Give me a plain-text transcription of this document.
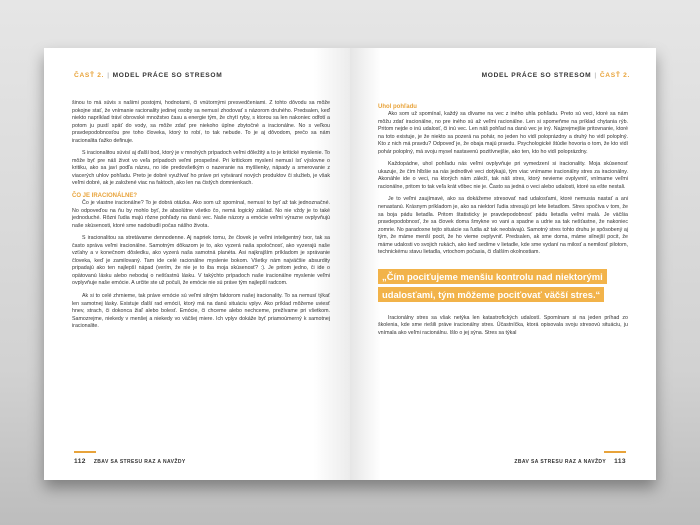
ČASŤ 2. | MODEL PRÁCE SO STRESOM

šinou to má súvis s našimi postojmi, hodnotami, či vnútornými presvedčeniami. Z tohto dôvodu sa môže pokojne stať, že vnímanie racionality jedinej osoby sa nemusí zhodovať s názorom druhého. Predsalen, keď niekto napríklad tráví obrovské množstvo času a energie tým, že chytí ryby, s ktorou sa len nakoniec odfotí a potom ju pustí späť do vody, sa môže zdať pre niekoho úplne zbytočné a iracionálne. No s veľkou pravdepodobnosťou pre toho človeka, ktorý to robí, to tak nebude. To je aj dôvodom, prečo sa nám iracionalita ťažko definuje.

S iracionalitou súvisí aj ďalší bod, ktorý je v mnohých prípadoch veľmi dôležitý a to je kritické myslenie. To môže byť pre náš život vo veľa prípadoch veľmi prospešné. Pri kritickom myslení nemusí ísť výslovne o kritiku, ako sa javí podľa názvu, no ide predovšetkým o nazeranie na myšlienky, nápady a smerovanie z viacerých uhlov pohľadu. Preto je dobré využívať ho práve pri vytváraní nových produktov či služieb, je však veľmi dobré, ak je založené viac na faktoch, ako len na čistých domnienkach.

ČO JE IRACIONÁLNE?

Čo je vlastne iracionálne? To je dobrá otázka. Ako som už spomínal, nemusí to byť až tak jednoznačné. No odpoveďou na ňu by mohlo byť, že absolútne všetko čo, nemá logický základ. No nie vždy je to také jednoduché. Rôzni ľudia majú rôzne pohľady na danú vec. Naše názory a emócie veľmi výrazne ovplyvňujú naše skúsenosti, ktoré sme nadobudli počas nášho života.

S iracionalitou sa stretávame dennodenne. Aj napriek tomu, že človek je veľmi inteligentný tvor, tak sa často správa veľmi iracionálne. Samotným dôkazom je to, ako vyzerá naša spoločnosť, ako vyzerajú naše vzťahy a v konečnom dôsledku, ako vyzerá naša samotná planéta. Asi najkrajším príkladom je správanie človeka, keď je zamilovaný. Tam ide celé racionálne myslenie bokom. Všetky nám najväčšie absurdity pripadajú ako ten najlepší nápad (verím, že nie je to iba moja skúsenosť? :). Je pritom jedno, či ide o opätovanú lásku alebo nebodaj o nešťastnú lásku. V takýchto prípadoch naše iracionálne myslenie veľmi ovplyvňuje naše emócie. A určite ste už počuli, že emócie nie sú práve tým najlepší radcom.

Ak si to celé zhrnieme, tak práve emócie sú veľmi silným faktorom našej iracionality. To sa nemusí týkať len samotnej lásky. Existuje ďalší rad emócií, ktorý má na danú situáciu vplyv. Ako príklad môžeme uviesť hnev, strach, či dokonca žiaľ alebo bolesť. Emócie, či chceme alebo nechceme, prežívame pri všetkom. Samozrejme, niekedy v menšej a niekedy vo väčšej miere. Ich vplyv dokáže byť priamoúmerný k samotnej iracionalite.

112 ZBAV SA STRESU RAZ A NAVŽDY
MODEL PRÁCE SO STRESOM | ČASŤ 2.
Uhol pohľadu

Ako som už spomínal, každý sa dívame na vec z iného uhla pohľadu. Preto sú veci, ktoré sa nám môžu zdať iracionálne, no pre iného sú až veľmi racionálne. Len si spomeňme na príklad chytania rýb. Pritom nejde o inú udalosť, či inú vec. Len náš pohľad na danú vec je iný. Najzrejmejšie pritovnanie, ktoré na toto existuje, je že niekto sa pozerá na pohár, no jeden ho vidí poloprázdny a druhý ho vidí poloplný. Kto z nich má pravdu? Odpoveď je, že obaja majú pravdu. Psychologické štúdie hovoria o tom, že kto vidí pohár poloplný, má svoju mysel nastavenú pozitívnejšie, ako ten, kto ho vidí poloprázdny.

Každopádne, uhol pohľadu nás veľmi ovplyvňuje pri vymedzení si iracionality. Moja skúsenosť ukazuje, že čím hlbšie sa nás jednotlivé veci dotýkajú, tým viac vnímame iracionálny stres za iracionálny. Akonáhle ide o veci, na ktorých nám záleží, tak náš stres, ktorý nevieme ovplyvniť, vnímame veľmi racionálne, pritom to tak veľa krát vôbec nie je. Často sa jedná o veci alebo udalosti, ktoré sa ešte nestali.

Je to veľmi zaujímavé, ako sa dokážeme stresovať nad udalosťami, ktoré nemusia nastať a ani nenastanú. Krásnym príkladom je, ako sa niektorí ľudia stresujú pri lete lietadlom. Stres spočíva v tom, že sa boja pádu lietadla. Pritom štatisticky je pravdepodobnosť pádu lietadla veľmi malá. Je väčšia pravdepodobnosť, že sa človek doma šmykne vo vani a spadne a udrie sa tak nešťastne, že nakoniec zomrie. No paradoxne tejto situácie sa ľudia až tak neobávajú. Samotný stres tohto druhu je spôsobený aj tým, že máme menší pocit, že ho vieme ovplyvniť. Predsalen, ak sme doma, máme silnejší pocit, že máme udalosti vo svojich rukách, ako keď sedíme v lietadle, kde sme vydaní na milosť a nemilosť pilotom, technickému stavu lietadla, vrtochom počasia, či ďalším okolnostiam.

„Čím pociťujeme menšiu kontrolu nad niektorými udalosťami, tým môžeme pociťovať väčší stres.“

Iracionálny stres sa však netýka len katastrofických udalostí. Spomínam si na jeden príhad zo školenia, kde sme riešili práve iracionálny stres. Účastníčka, ktorá opisovala svoju stresovú situáciu, ju vnímala ako veľmi racionálnu. Išlo o jej sýna. Stres sa týkal

ZBAV SA STRESU RAZ A NAVŽDY 113
